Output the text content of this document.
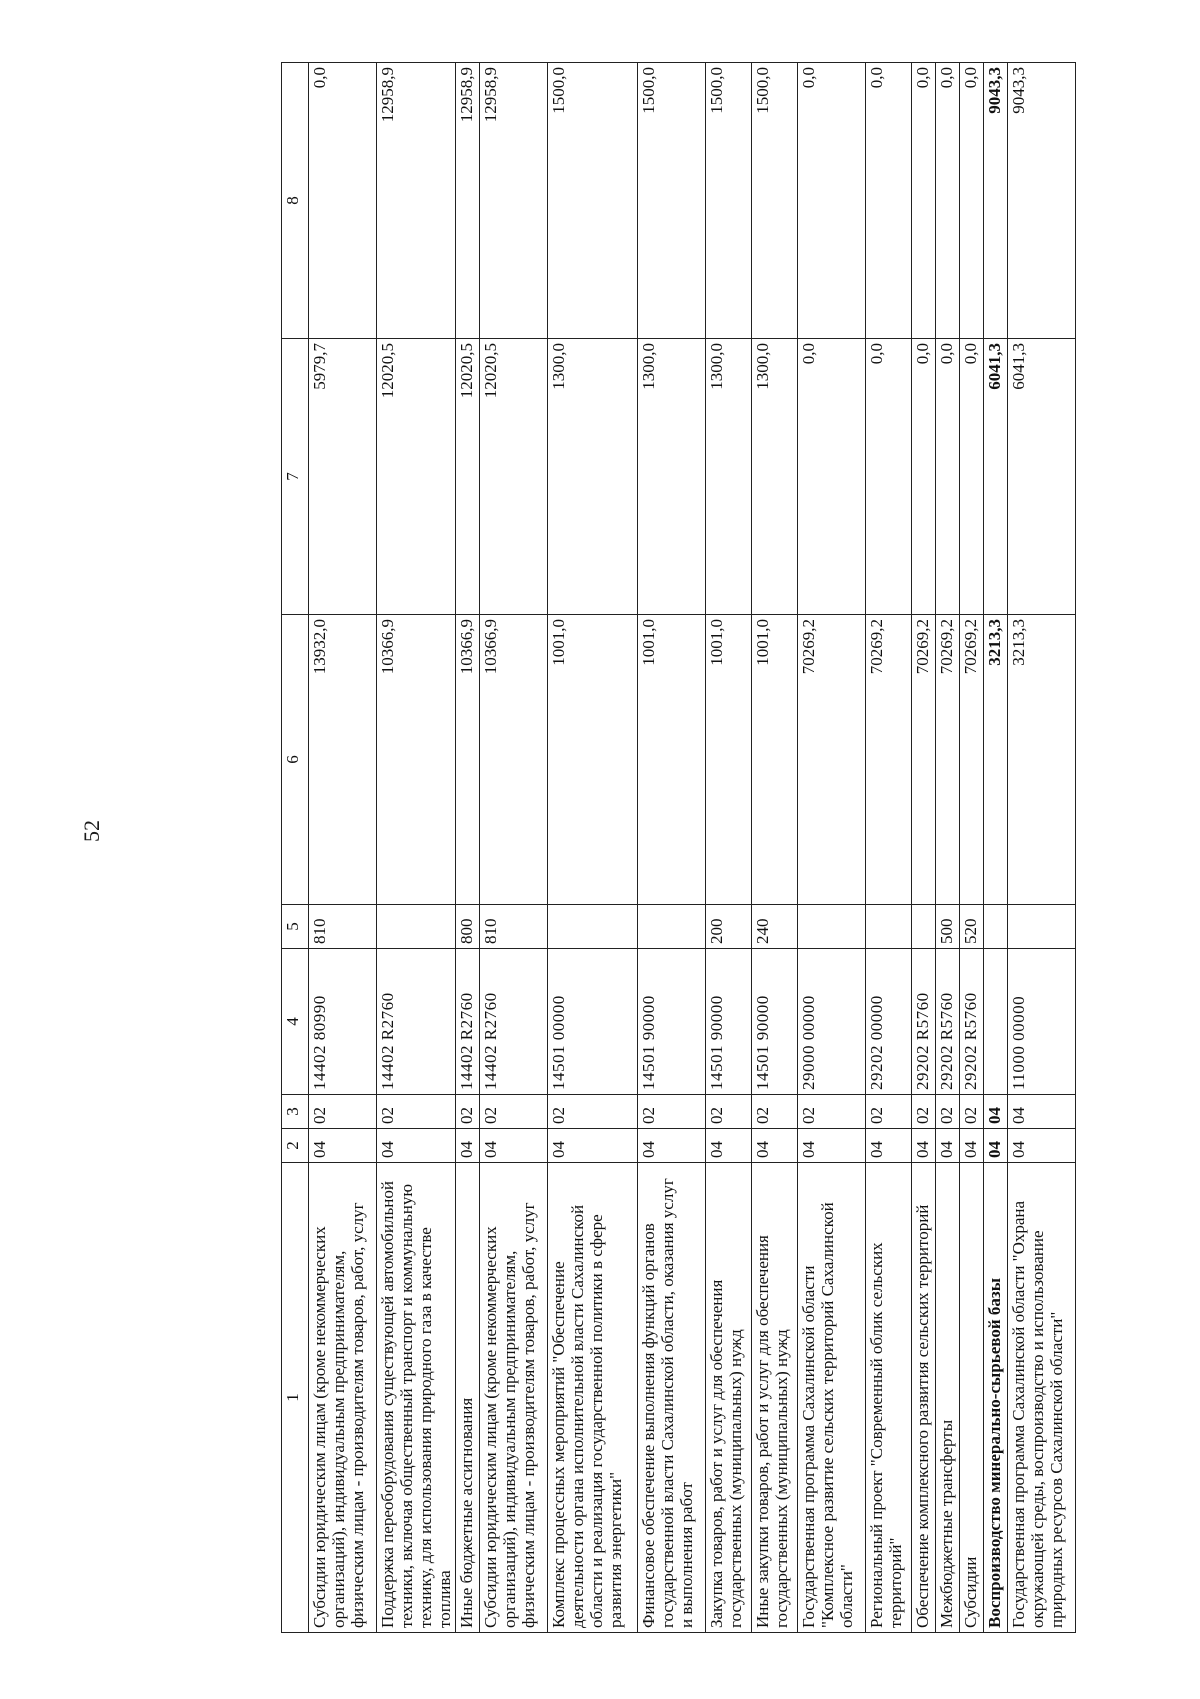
52
1	2	3	4	5	6	7	8
Субсидии юридическим лицам (кроме некоммерческих организаций), индивидуальным предпринимателям, физическим лицам - производителям товаров, работ, услуг	04	02	14402 80990	810	13932,0	5979,7	0,0
Поддержка переоборудования существующей автомобильной техники, включая общественный транспорт и коммунальную технику, для использования природного газа в качестве топлива	04	02	14402 R2760		10366,9	12020,5	12958,9
Иные бюджетные ассигнования	04	02	14402 R2760	800	10366,9	12020,5	12958,9
Субсидии юридическим лицам (кроме некоммерческих организаций), индивидуальным предпринимателям, физическим лицам - производителям товаров, работ, услуг	04	02	14402 R2760	810	10366,9	12020,5	12958,9
Комплекс процессных мероприятий "Обеспечение деятельности органа исполнительной власти Сахалинской области и реализация государственной политики в сфере развития энергетики"	04	02	14501 00000		1001,0	1300,0	1500,0
Финансовое обеспечение выполнения функций органов государственной власти Сахалинской области, оказания услуг и выполнения работ	04	02	14501 90000		1001,0	1300,0	1500,0
Закупка товаров, работ и услуг для обеспечения государственных (муниципальных) нужд	04	02	14501 90000	200	1001,0	1300,0	1500,0
Иные закупки товаров, работ и услуг для обеспечения государственных (муниципальных) нужд	04	02	14501 90000	240	1001,0	1300,0	1500,0
Государственная программа Сахалинской области "Комплексное развитие сельских территорий Сахалинской области"	04	02	29000 00000		70269,2	0,0	0,0
Региональный проект "Современный облик сельских территорий"	04	02	29202 00000		70269,2	0,0	0,0
Обеспечение комплексного развития сельских территорий	04	02	29202 R5760		70269,2	0,0	0,0
Межбюджетные трансферты	04	02	29202 R5760	500	70269,2	0,0	0,0
Субсидии	04	02	29202 R5760	520	70269,2	0,0	0,0
Воспроизводство минерально-сырьевой базы	04	04			3213,3	6041,3	9043,3
Государственная программа Сахалинской области "Охрана окружающей среды, воспроизводство и использование природных ресурсов Сахалинской области"	04	04	11000 00000		3213,3	6041,3	9043,3
